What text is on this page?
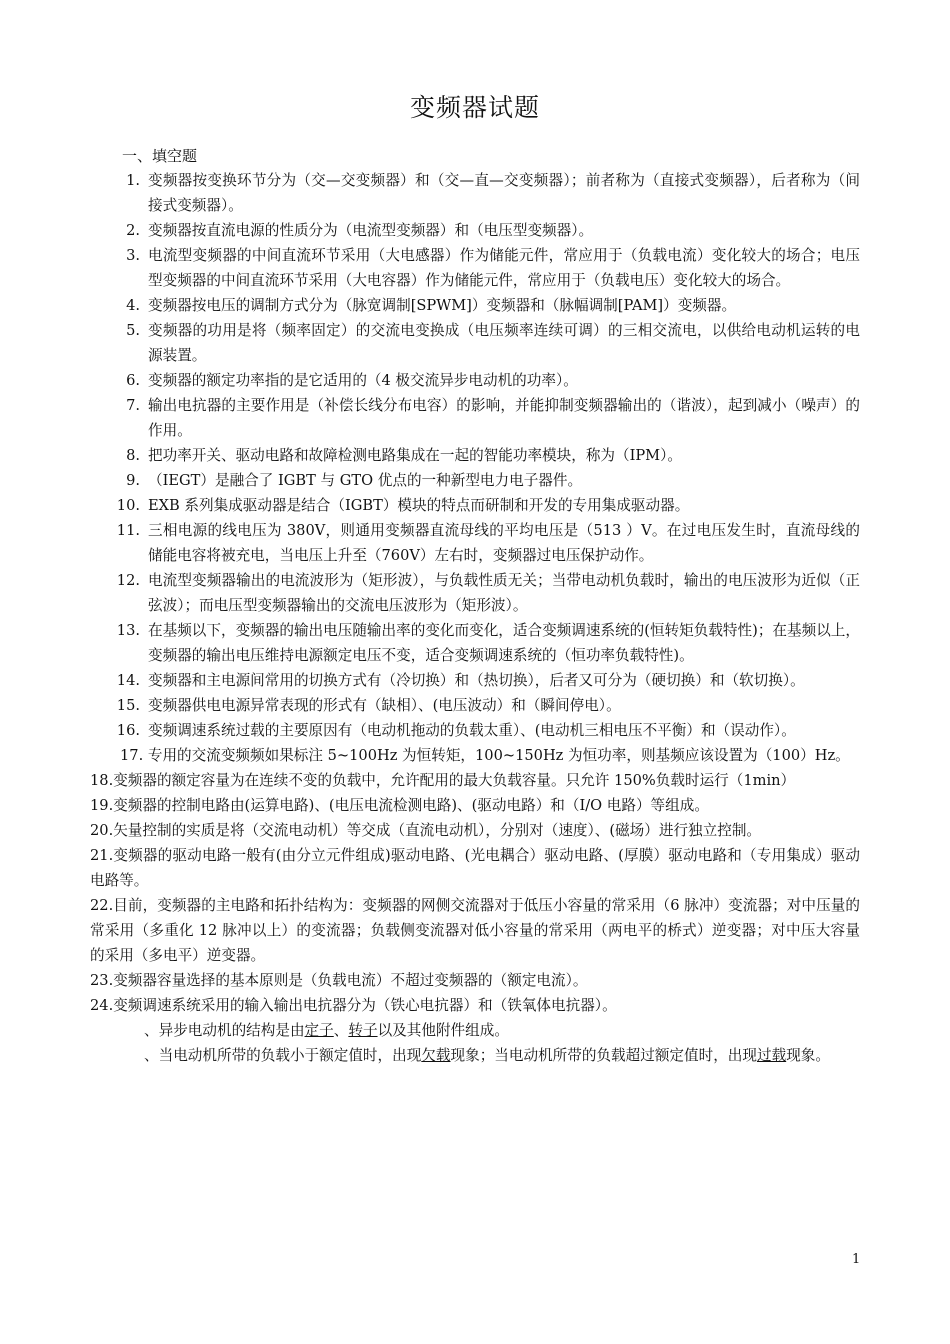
变频器试题
一、填空题
1. 变频器按变换环节分为（交—交变频器）和（交—直—交变频器）；前者称为（直接式变频器），后者称为（间接式变频器）。
2. 变频器按直流电源的性质分为（电流型变频器）和（电压型变频器）。
3. 电流型变频器的中间直流环节采用（大电感器）作为储能元件，常应用于（负载电流）变化较大的场合；电压型变频器的中间直流环节采用（大电容器）作为储能元件，常应用于（负载电压）变化较大的场合。
4. 变频器按电压的调制方式分为（脉宽调制[SPWM]）变频器和（脉幅调制[PAM]）变频器。
5. 变频器的功用是将（频率固定）的交流电变换成（电压频率连续可调）的三相交流电，以供给电动机运转的电源装置。
6. 变频器的额定功率指的是它适用的（4 极交流异步电动机的功率）。
7. 输出电抗器的主要作用是（补偿长线分布电容）的影响，并能抑制变频器输出的（谐波），起到减小（噪声）的作用。
8. 把功率开关、驱动电路和故障检测电路集成在一起的智能功率模块，称为（IPM）。
9. （IEGT）是融合了 IGBT 与 GTO 优点的一种新型电力电子器件。
10. EXB 系列集成驱动器是结合（IGBT）模块的特点而研制和开发的专用集成驱动器。
11. 三相电源的线电压为 380V，则通用变频器直流母线的平均电压是（513 ）V。在过电压发生时，直流母线的储能电容将被充电，当电压上升至（760V）左右时，变频器过电压保护动作。
12. 电流型变频器输出的电流波形为（矩形波），与负载性质无关；当带电动机负载时，输出的电压波形为近似（正弦波）；而电压型变频器输出的交流电压波形为（矩形波）。
13. 在基频以下，变频器的输出电压随输出率的变化而变化，适合变频调速系统的(恒转矩负载特性)；在基频以上，变频器的输出电压维持电源额定电压不变，适合变频调速系统的（恒功率负载特性)。
14. 变频器和主电源间常用的切换方式有（冷切换）和（热切换），后者又可分为（硬切换）和（软切换）。
15. 变频器供电电源异常表现的形式有（缺相）、(电压波动）和（瞬间停电）。
16. 变频调速系统过载的主要原因有（电动机拖动的负载太重）、(电动机三相电压不平衡）和（误动作）。
17. 专用的交流变频频如果标注 5~100Hz 为恒转矩，100~150Hz 为恒功率，则基频应该设置为（100）Hz。
18.变频器的额定容量为在连续不变的负载中，允许配用的最大负载容量。只允许 150%负载时运行（1min）
19.变频器的控制电路由(运算电路)、(电压电流检测电路)、(驱动电路）和（I/O 电路）等组成。
20.矢量控制的实质是将（交流电动机）等交成（直流电动机），分别对（速度）、(磁场）进行独立控制。
21.变频器的驱动电路一般有(由分立元件组成)驱动电路、(光电耦合）驱动电路、(厚膜）驱动电路和（专用集成）驱动电路等。
22.目前，变频器的主电路和拓扑结构为：变频器的网侧交流器对于低压小容量的常采用（6 脉冲）变流器；对中压量的常采用（多重化 12 脉冲以上）的变流器；负载侧变流器对低小容量的常采用（两电平的桥式）逆变器；对中压大容量的采用（多电平）逆变器。
23.变频器容量选择的基本原则是（负载电流）不超过变频器的（额定电流）。
24.变频调速系统采用的输入输出电抗器分为（铁心电抗器）和（铁氧体电抗器）。
、异步电动机的结构是由定子、转子以及其他附件组成。
、当电动机所带的负载小于额定值时，出现欠载现象；当电动机所带的负载超过额定值时，出现过载现象。
1
